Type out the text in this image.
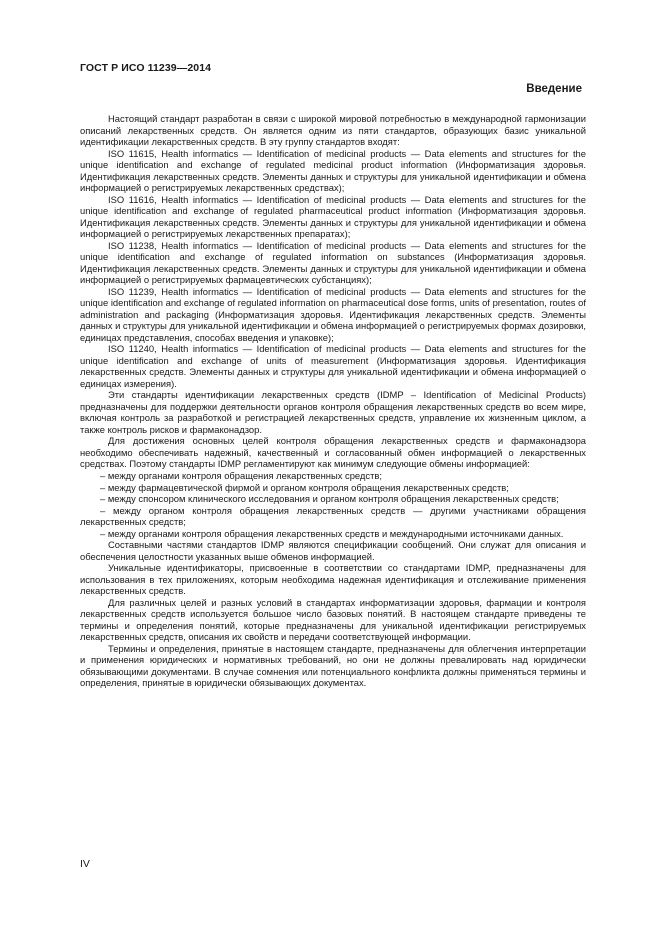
ГОСТ Р ИСО 11239—2014
Введение

Настоящий стандарт разработан в связи с широкой мировой потребностью в международной гармонизации описаний лекарственных средств. Он является одним из пяти стандартов, образующих базис уникальной идентификации лекарственных средств. В эту группу стандартов входят:

ISO 11615, Health informatics — Identification of medicinal products — Data elements and structures for the unique identification and exchange of regulated medicinal product information (Информатизация здоровья. Идентификация лекарственных средств. Элементы данных и структуры для уникальной идентификации и обмена информацией о регистрируемых лекарственных средствах);

ISO 11616, Health informatics — Identification of medicinal products — Data elements and structures for the unique identification and exchange of regulated pharmaceutical product information (Информатизация здоровья. Идентификация лекарственных средств. Элементы данных и структуры для уникальной идентификации и обмена информацией о регистрируемых лекарственных препаратах);

ISO 11238, Health informatics — Identification of medicinal products — Data elements and structures for the unique identification and exchange of regulated information on substances (Информатизация здоровья. Идентификация лекарственных средств. Элементы данных и структуры для уникальной идентификации и обмена информацией о регистрируемых фармацевтических субстанциях);

ISO 11239, Health informatics — Identification of medicinal products — Data elements and structures for the unique identification and exchange of regulated information on pharmaceutical dose forms, units of presentation, routes of administration and packaging (Информатизация здоровья. Идентификация лекарственных средств. Элементы данных и структуры для уникальной идентификации и обмена информацией о регистрируемых формах дозировки, единицах представления, способах введения и упаковке);

ISO 11240, Health informatics — Identification of medicinal products — Data elements and structures for the unique identification and exchange of units of measurement (Информатизация здоровья. Идентификация лекарственных средств. Элементы данных и структуры для уникальной идентификации и обмена информацией о единицах измерения).

Эти стандарты идентификации лекарственных средств (IDMP – Identification of Medicinal Products) предназначены для поддержки деятельности органов контроля обращения лекарственных средств во всем мире, включая контроль за разработкой и регистрацией лекарственных средств, управление их жизненным циклом, а также контроль рисков и фармаконадзор.

Для достижения основных целей контроля обращения лекарственных средств и фармаконадзора необходимо обеспечивать надежный, качественный и согласованный обмен информацией о лекарственных средствах. Поэтому стандарты IDMP регламентируют как минимум следующие обмены информацией:

– между органами контроля обращения лекарственных средств;

– между фармацевтической фирмой и органом контроля обращения лекарственных средств;

– между спонсором клинического исследования и органом контроля обращения лекарственных средств;

– между органом контроля обращения лекарственных средств — другими участниками обращения лекарственных средств;

– между органами контроля обращения лекарственных средств и международными источниками данных.

Составными частями стандартов IDMP являются спецификации сообщений. Они служат для описания и обеспечения целостности указанных выше обменов информацией.

Уникальные идентификаторы, присвоенные в соответствии со стандартами IDMP, предназначены для использования в тех приложениях, которым необходима надежная идентификация и отслеживание применения лекарственных средств.

Для различных целей и разных условий в стандартах информатизации здоровья, фармации и контроля лекарственных средств используется большое число базовых понятий. В настоящем стандарте приведены те термины и определения понятий, которые предназначены для уникальной идентификации регистрируемых лекарственных средств, описания их свойств и передачи соответствующей информации.

Термины и определения, принятые в настоящем стандарте, предназначены для облегчения интерпретации и применения юридических и нормативных требований, но они не должны превалировать над юридически обязывающими документами. В случае сомнения или потенциального конфликта должны применяться термины и определения, принятые в юридически обязывающих документах.

IV
